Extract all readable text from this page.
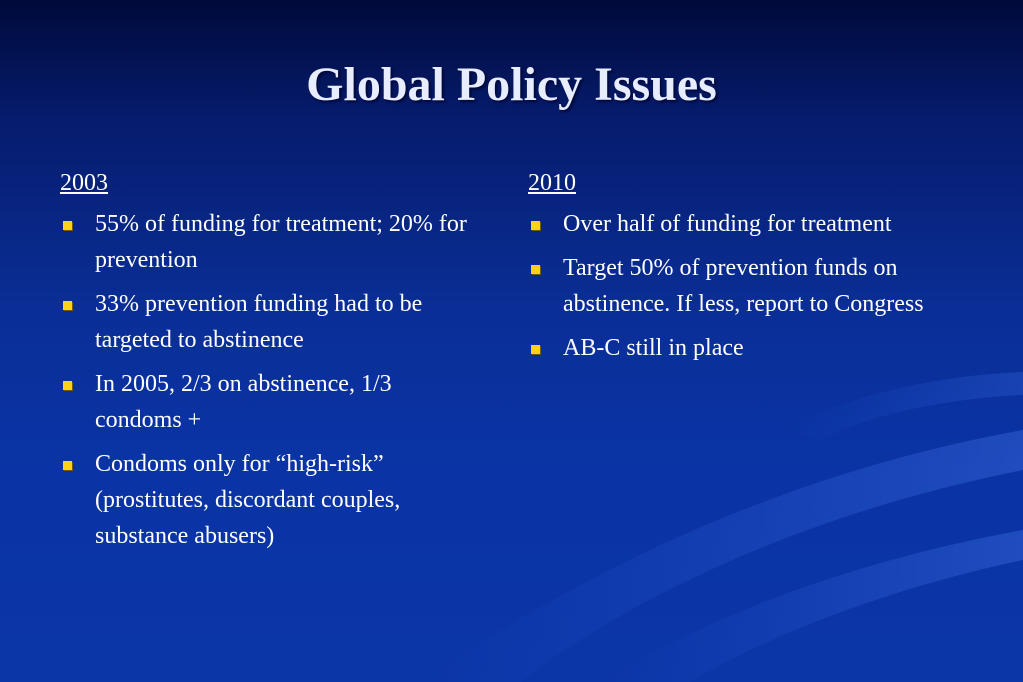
Global Policy Issues
2003
55% of funding for treatment; 20% for prevention
33% prevention funding had to be targeted to abstinence
In 2005, 2/3 on abstinence, 1/3 condoms +
Condoms only for “high-risk” (prostitutes, discordant couples, substance abusers)
2010
Over half of funding for treatment
Target 50% of prevention funds on abstinence. If less, report to Congress
AB-C still in place
